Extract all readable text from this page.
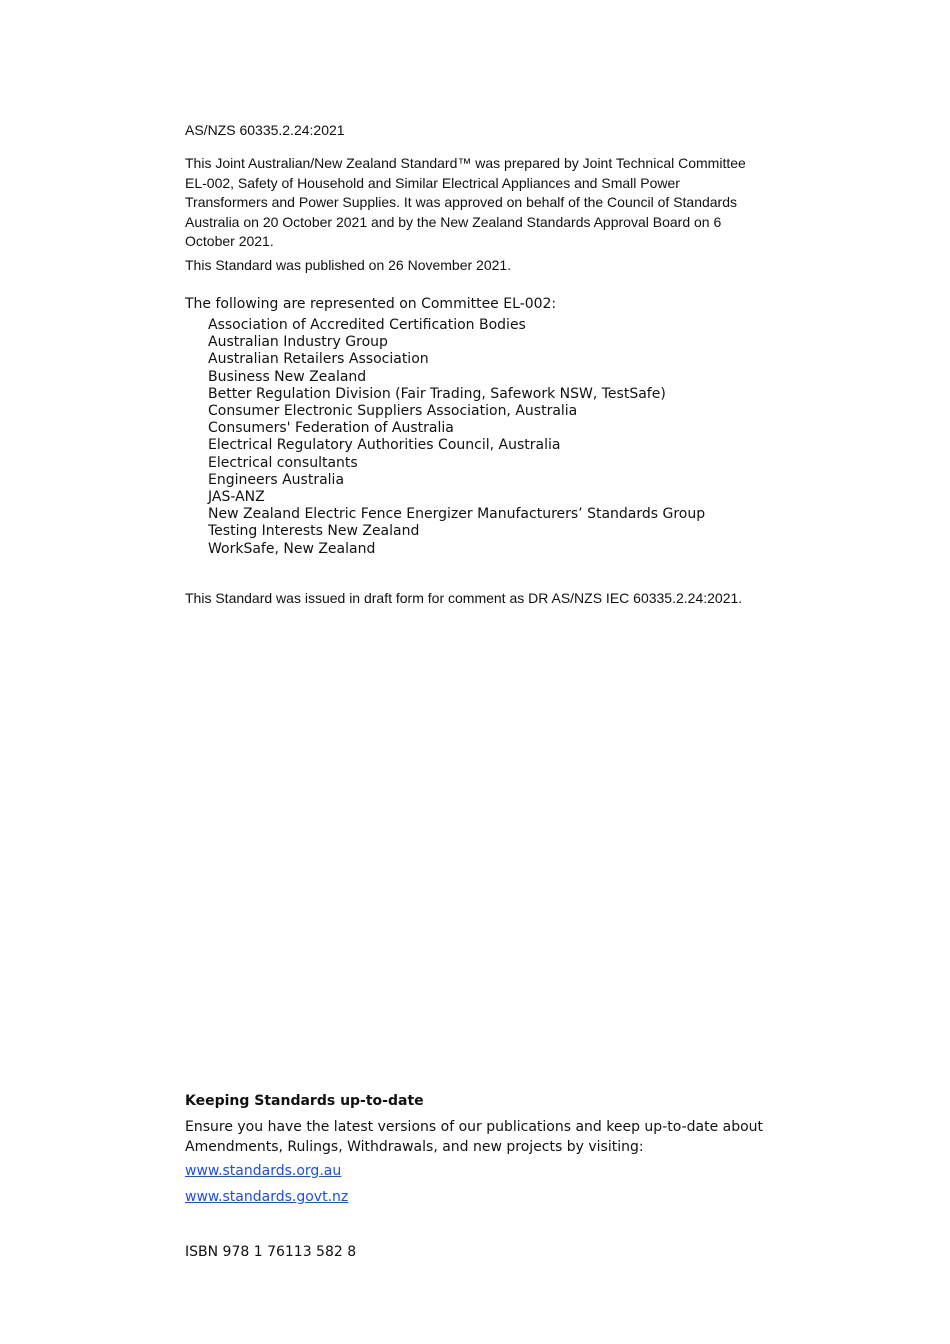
AS/NZS 60335.2.24:2021

This Joint Australian/New Zealand Standard™ was prepared by Joint Technical Committee EL-002, Safety of Household and Similar Electrical Appliances and Small Power Transformers and Power Supplies. It was approved on behalf of the Council of Standards Australia on 20 October 2021 and by the New Zealand Standards Approval Board on 6 October 2021.

This Standard was published on 26 November 2021.
The following are represented on Committee EL-002:
Association of Accredited Certification Bodies
Australian Industry Group
Australian Retailers Association
Business New Zealand
Better Regulation Division (Fair Trading, Safework NSW, TestSafe)
Consumer Electronic Suppliers Association, Australia
Consumers' Federation of Australia
Electrical Regulatory Authorities Council, Australia
Electrical consultants
Engineers Australia
JAS-ANZ
New Zealand Electric Fence Energizer Manufacturers’ Standards Group
Testing Interests New Zealand
WorkSafe, New Zealand
This Standard was issued in draft form for comment as DR AS/NZS IEC 60335.2.24:2021.
Keeping Standards up-to-date

Ensure you have the latest versions of our publications and keep up-to-date about Amendments, Rulings, Withdrawals, and new projects by visiting:

www.standards.org.au
www.standards.govt.nz
ISBN 978 1 76113 582 8
